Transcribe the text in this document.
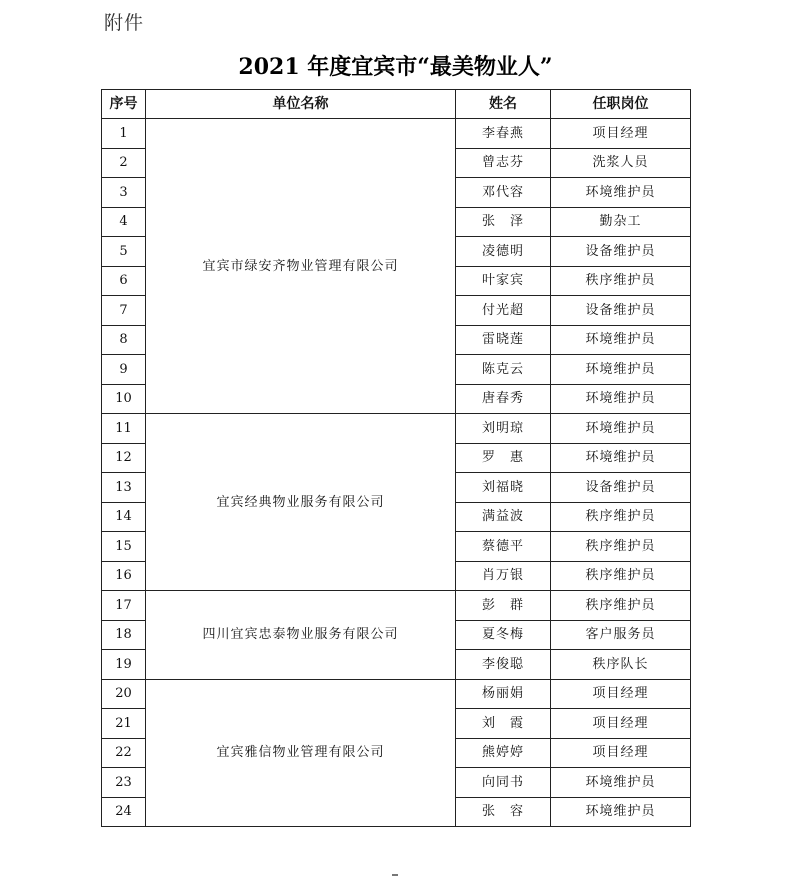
附件
2021 年度宜宾市“最美物业人”
序号	单位名称	姓名	任职岗位
1	宜宾市绿安齐物业管理有限公司	李春燕	项目经理
2		曾志芬	洗浆人员
3		邓代容	环境维护员
4		张　泽	勤杂工
5		凌德明	设备维护员
6		叶家宾	秩序维护员
7		付光超	设备维护员
8		雷晓莲	环境维护员
9		陈克云	环境维护员
10		唐春秀	环境维护员
11	宜宾经典物业服务有限公司	刘明琼	环境维护员
12		罗　惠	环境维护员
13		刘福晓	设备维护员
14		满益波	秩序维护员
15		蔡德平	秩序维护员
16		肖万银	秩序维护员
17	四川宜宾忠泰物业服务有限公司	彭　群	秩序维护员
18		夏冬梅	客户服务员
19		李俊聪	秩序队长
20	宜宾雅信物业管理有限公司	杨丽娟	项目经理
21		刘　霞	项目经理
22		熊婷婷	项目经理
23		向同书	环境维护员
24		张　容	环境维护员
